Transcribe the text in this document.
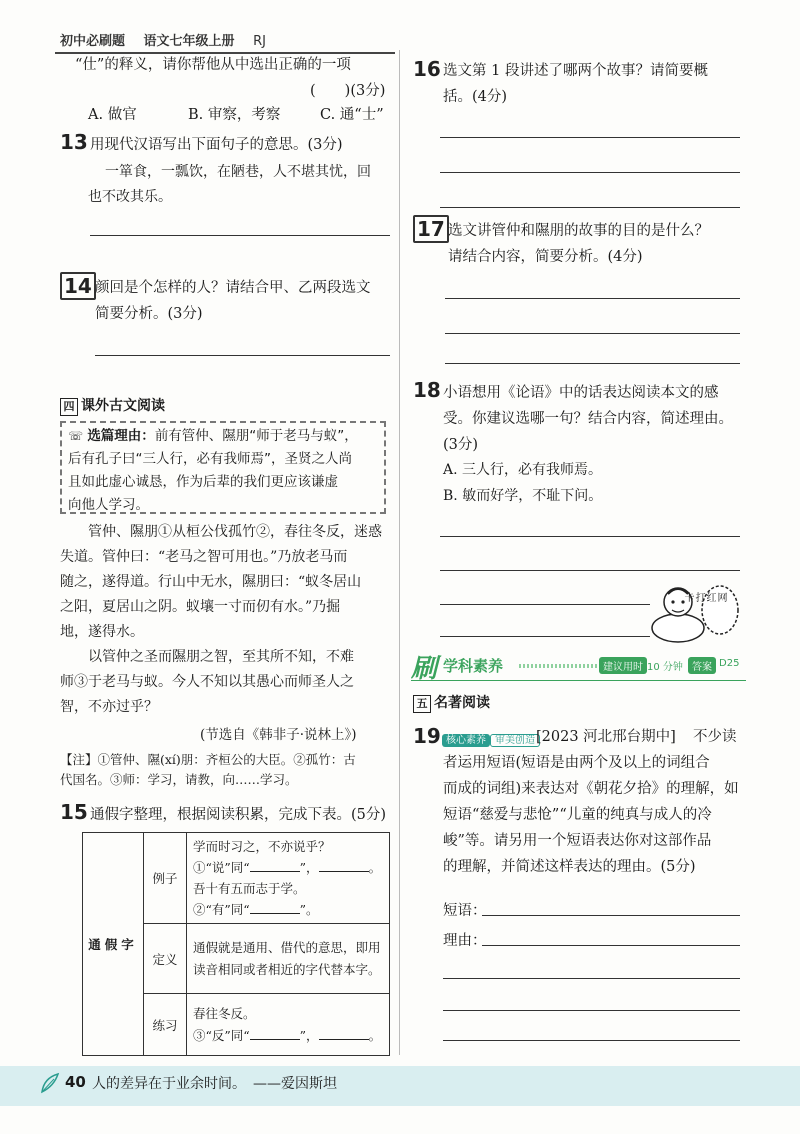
初中必刷题 语文七年级上册 RJ
“仕”的释义，请你帮他从中选出正确的一项
(　　)(3分)
A. 做官	B. 审察，考察	C. 通“士”
13 用现代汉语写出下面句子的意思。(3分)
一箪食，一瓢饮，在陋巷，人不堪其忧，回
也不改其乐。
14 颜回是个怎样的人？请结合甲、乙两段选文
简要分析。(3分)
四 课外古文阅读
☏ 选篇理由：前有管仲、隰朋“师于老马与蚁”，
后有孔子曰“三人行，必有我师焉”，圣贤之人尚
且如此虚心诚恳，作为后辈的我们更应该谦虚
向他人学习。
管仲、隰朋①从桓公伐孤竹②，春往冬反，迷惑
失道。管仲曰：“老马之智可用也。”乃放老马而
随之，遂得道。行山中无水，隰朋曰：“蚁冬居山
之阳，夏居山之阴。蚁壤一寸而仞有水。”乃掘
地，遂得水。
以管仲之圣而隰朋之智，至其所不知，不难
师③于老马与蚁。今人不知以其愚心而师圣人之
智，不亦过乎？
(节选自《韩非子·说林上》)
【注】①管仲、隰(xí)朋：齐桓公的大臣。②孤竹：古
代国名。③师：学习，请教，向……学习。
15 通假字整理，根据阅读积累，完成下表。(5分)
通假字	例子	学而时习之，不亦说乎？
①“说”同“ ”， 。
吾十有五而志于学。
②“有”同“ ”。

	定义	通假就是通用、借代的意思，即用
读音相同或者相近的字代替本字。

	练习	春往冬反。
③“反”同“ ”， 。
16 选文第 1 段讲述了哪两个故事？请简要概
括。(4分)
17 选文讲管仲和隰朋的故事的目的是什么？
请结合内容，简要分析。(4分)
18 小语想用《论语》中的话表达阅读本文的感
受。你建议选哪一句？结合内容，简述理由。
(3分)
A. 三人行，必有我师焉。
B. 敏而好学，不耻下问。
网红打卡
刷 学科素养	建议用时 10 分钟 答案 D25
五 名著阅读
19 核心素养 审美创造 [2023 河北邢台期中] 不少读
者运用短语(短语是由两个及以上的词组合
而成的词组)来表达对《朝花夕拾》的理解，如
短语“慈爱与悲怆”“儿童的纯真与成人的冷
峻”等。请另用一个短语表达你对这部作品
的理解，并简述这样表达的理由。(5分)
短语：
理由：
40 人的差异在于业余时间。　——爱因斯坦
